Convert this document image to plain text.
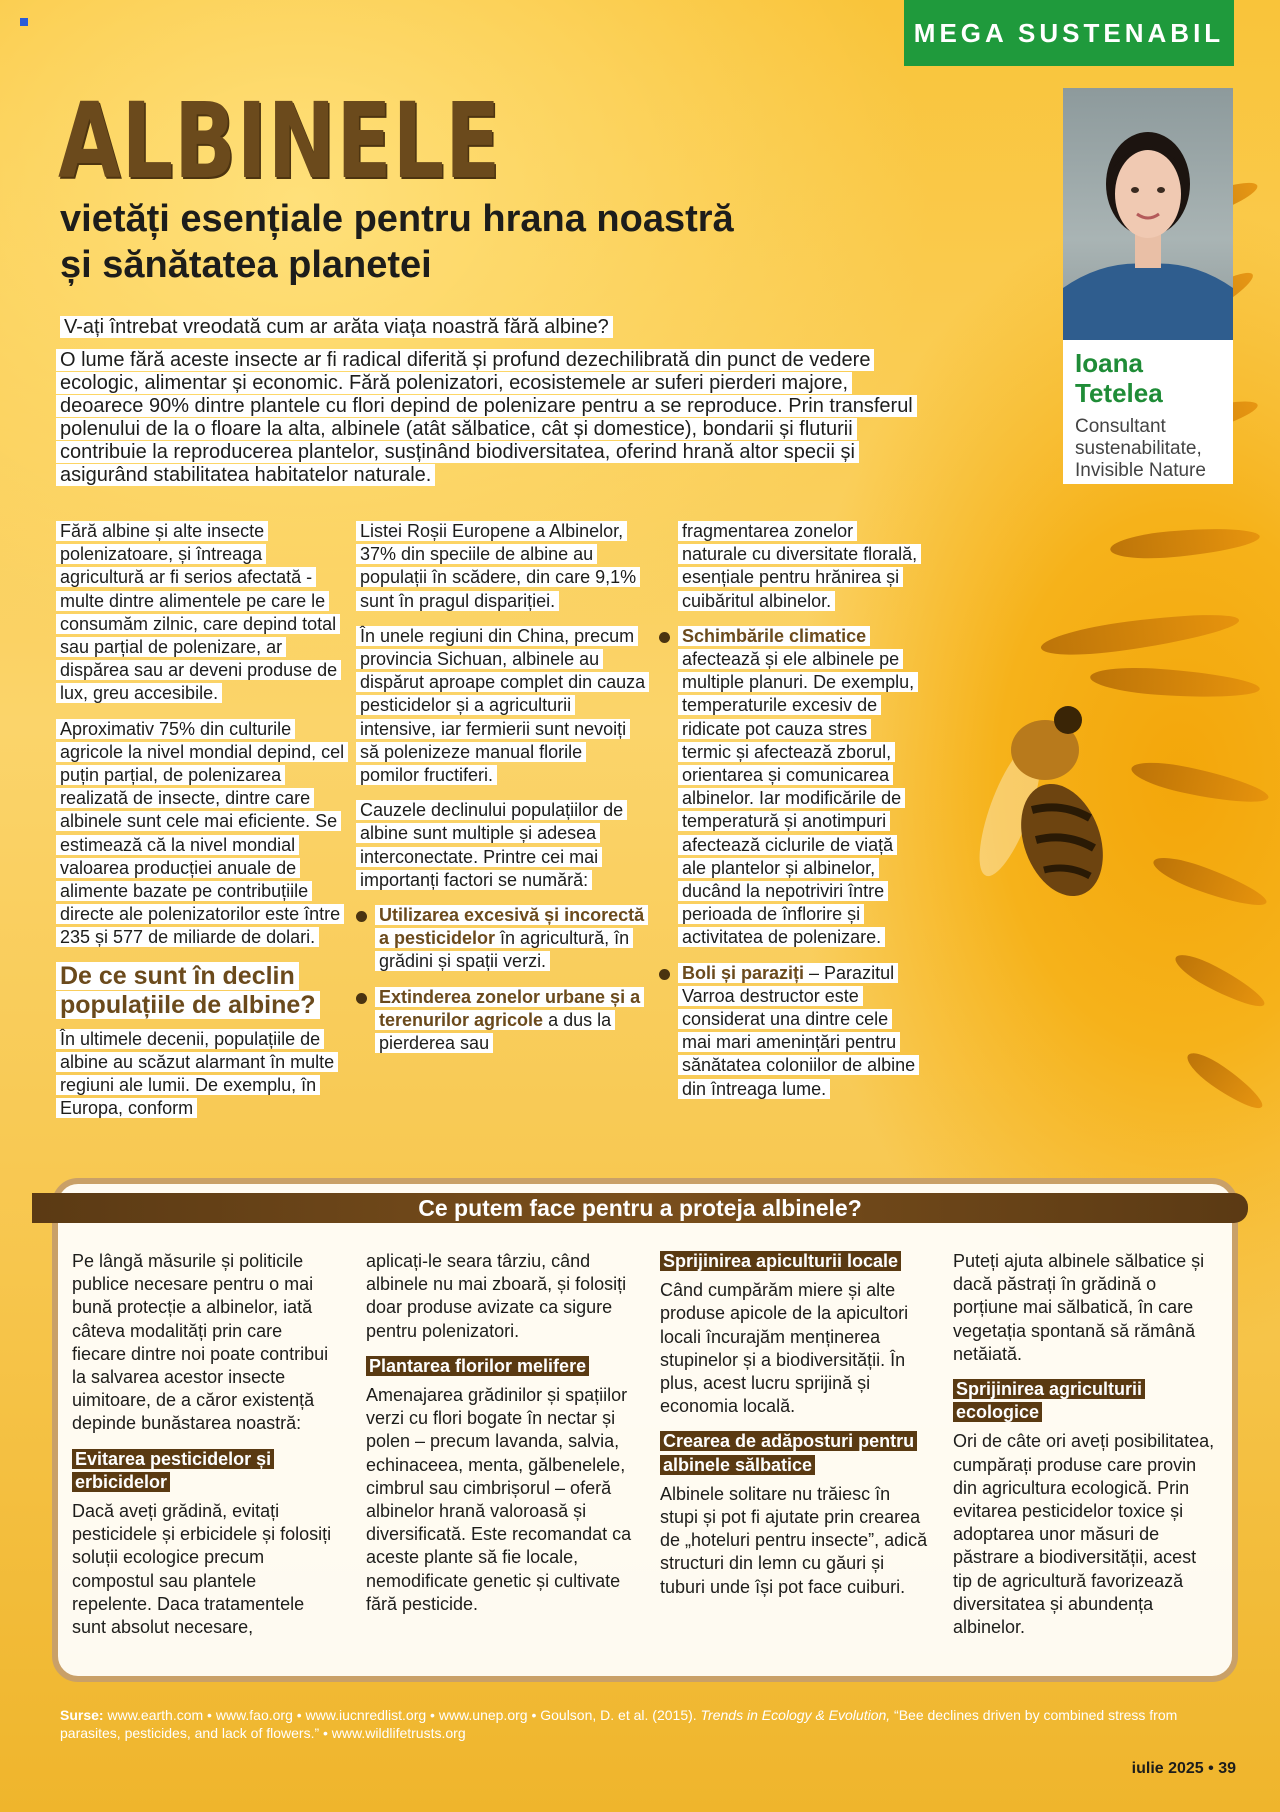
MEGA SUSTENABIL
ALBINELE
vietăți esențiale pentru hrana noastră și sănătatea planetei
V-ați întrebat vreodată cum ar arăta viața noastră fără albine?
O lume fără aceste insecte ar fi radical diferită și profund dezechilibrată din punct de vedere ecologic, alimentar și economic. Fără polenizatori, ecosistemele ar suferi pierderi majore, deoarece 90% dintre plantele cu flori depind de polenizare pentru a se reproduce. Prin transferul polenului de la o floare la alta, albinele (atât sălbatice, cât și domestice), bondarii și fluturii contribuie la reproducerea plantelor, susținând biodiversitatea, oferind hrană altor specii și asigurând stabilitatea habitatelor naturale.
Ioana Tetelea
Consultant sustenabilitate, Invisible Nature

Fără albine și alte insecte polenizatoare, și întreaga agricultură ar fi serios afectată - multe dintre alimentele pe care le consumăm zilnic, care depind total sau parțial de polenizare, ar dispărea sau ar deveni produse de lux, greu accesibile.

Aproximativ 75% din culturile agricole la nivel mondial depind, cel puțin parțial, de polenizarea realizată de insecte, dintre care albinele sunt cele mai eficiente. Se estimează că la nivel mondial valoarea producției anuale de alimente bazate pe contribuțiile directe ale polenizatorilor este între 235 și 577 de miliarde de dolari.

De ce sunt în declin populațiile de albine?

În ultimele decenii, populațiile de albine au scăzut alarmant în multe regiuni ale lumii. De exemplu, în Europa, conform

Listei Roșii Europene a Albinelor, 37% din speciile de albine au populații în scădere, din care 9,1% sunt în pragul dispariției.

În unele regiuni din China, precum provincia Sichuan, albinele au dispărut aproape complet din cauza pesticidelor și a agriculturii intensive, iar fermierii sunt nevoiți să polenizeze manual florile pomilor fructiferi.

Cauzele declinului populațiilor de albine sunt multiple și adesea interconectate. Printre cei mai importanți factori se numără:

Utilizarea excesivă și incorectă a pesticidelor în agricultură, în grădini și spații verzi.
Extinderea zonelor urbane și a terenurilor agricole a dus la pierderea sau

fragmentarea zonelor naturale cu diversitate florală, esențiale pentru hrănirea și cuibăritul albinelor.

Schimbările climatice afectează și ele albinele pe multiple planuri. De exemplu, temperaturile excesiv de ridicate pot cauza stres termic și afectează zborul, orientarea și comunicarea albinelor. Iar modificările de temperatură și anotimpuri afectează ciclurile de viață ale plantelor și albinelor, ducând la nepotriviri între perioada de înflorire și activitatea de polenizare.
Boli și paraziți – Parazitul Varroa destructor este considerat una dintre cele mai mari amenințări pentru sănătatea coloniilor de albine din întreaga lume.
Ce putem face pentru a proteja albinele?

Pe lângă măsurile și politicile publice necesare pentru o mai bună protecție a albinelor, iată câteva modalități prin care fiecare dintre noi poate contribui la salvarea acestor insecte uimitoare, de a căror existență depinde bunăstarea noastră:

Evitarea pesticidelor și erbicidelor

Dacă aveți grădină, evitați pesticidele și erbicidele și folosiți soluții ecologice precum compostul sau plantele repelente. Daca tratamentele sunt absolut necesare,

aplicați-le seara târziu, când albinele nu mai zboară, și folosiți doar produse avizate ca sigure pentru polenizatori.

Plantarea florilor melifere

Amenajarea grădinilor și spațiilor verzi cu flori bogate în nectar și polen – precum lavanda, salvia, echinaceea, menta, gălbenelele, cimbrul sau cimbrișorul – oferă albinelor hrană valoroasă și diversificată. Este recomandat ca aceste plante să fie locale, nemodificate genetic și cultivate fără pesticide.

Sprijinirea apiculturii locale

Când cumpărăm miere și alte produse apicole de la apicultori locali încurajăm menținerea stupinelor și a biodiversității. În plus, acest lucru sprijină și economia locală.

Crearea de adăposturi pentru albinele sălbatice

Albinele solitare nu trăiesc în stupi și pot fi ajutate prin crearea de „hoteluri pentru insecte”, adică structuri din lemn cu găuri și tuburi unde își pot face cuiburi.

Puteți ajuta albinele sălbatice și dacă păstrați în grădină o porțiune mai sălbatică, în care vegetația spontană să rămână netăiată.

Sprijinirea agriculturii ecologice

Ori de câte ori aveți posibilitatea, cumpărați produse care provin din agricultura ecologică. Prin evitarea pesticidelor toxice și adoptarea unor măsuri de păstrare a biodiversității, acest tip de agricultură favorizează diversitatea și abundența albinelor.

Surse: www.earth.com • www.fao.org • www.iucnredlist.org • www.unep.org • Goulson, D. et al. (2015). Trends in Ecology & Evolution, “Bee declines driven by combined stress from parasites, pesticides, and lack of flowers.” • www.wildlifetrusts.org
iulie 2025 • 39
